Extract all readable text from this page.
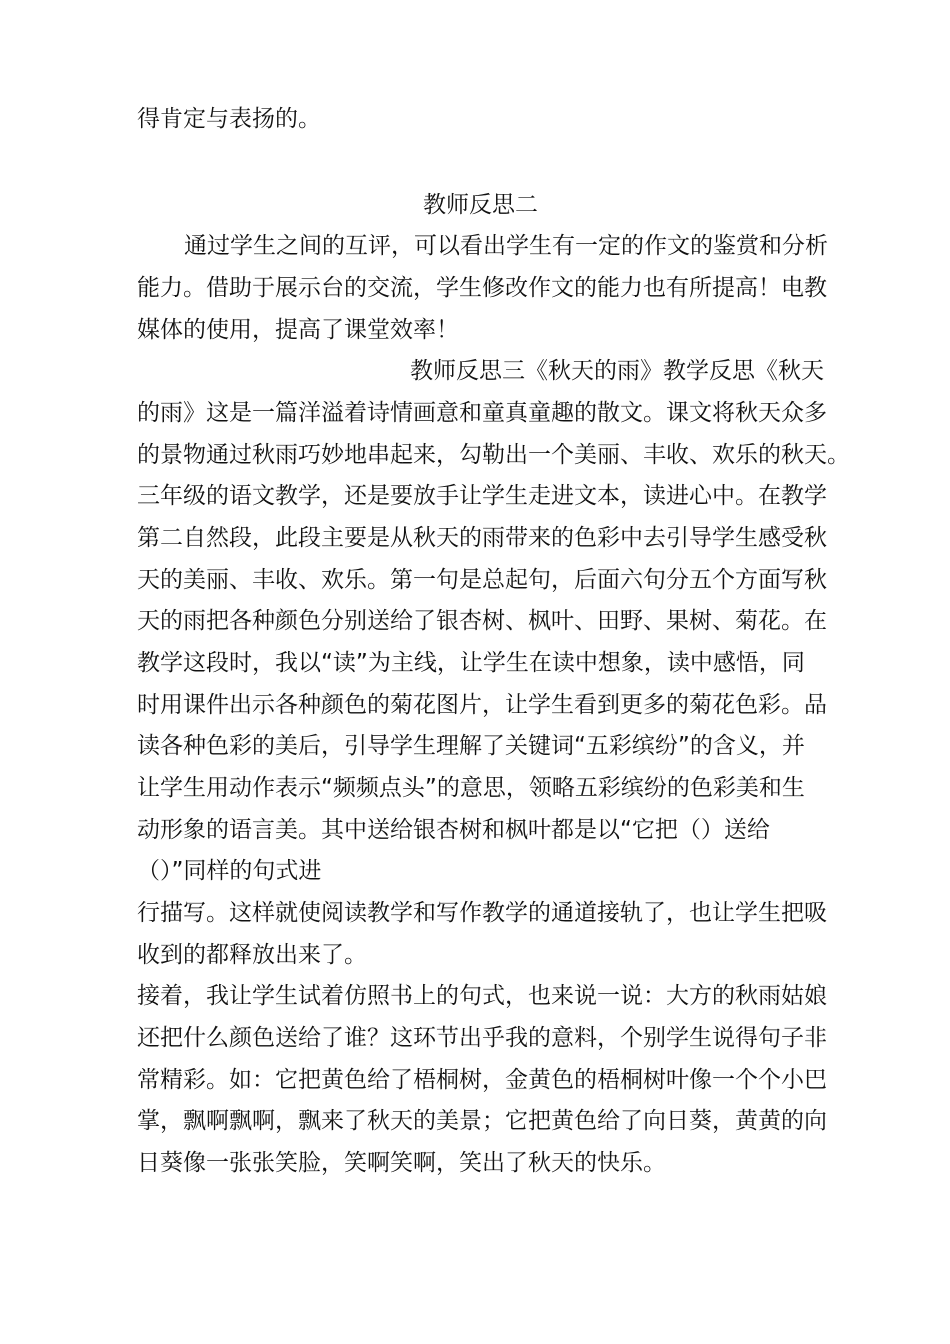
得肯定与表扬的。
教师反思二
通过学生之间的互评，可以看出学生有一定的作文的鉴赏和分析
能力。借助于展示台的交流，学生修改作文的能力也有所提高！电教
媒体的使用，提高了课堂效率！
教师反思三《秋天的雨》教学反思《秋天
的雨》这是一篇洋溢着诗情画意和童真童趣的散文。课文将秋天众多
的景物通过秋雨巧妙地串起来，勾勒出一个美丽、丰收、欢乐的秋天。
三年级的语文教学，还是要放手让学生走进文本，读进心中。在教学
第二自然段，此段主要是从秋天的雨带来的色彩中去引导学生感受秋
天的美丽、丰收、欢乐。第一句是总起句，后面六句分五个方面写秋
天的雨把各种颜色分别送给了银杏树、枫叶、田野、果树、菊花。在
教学这段时，我以“读”为主线，让学生在读中想象，读中感悟，同
时用课件出示各种颜色的菊花图片，让学生看到更多的菊花色彩。品
读各种色彩的美后，引导学生理解了关键词“五彩缤纷”的含义，并
让学生用动作表示“频频点头”的意思，领略五彩缤纷的色彩美和生
动形象的语言美。其中送给银杏树和枫叶都是以“它把（）送给
（）”同样的句式进
行描写。这样就使阅读教学和写作教学的通道接轨了，也让学生把吸
收到的都释放出来了。
接着，我让学生试着仿照书上的句式，也来说一说：大方的秋雨姑娘
还把什么颜色送给了谁？这环节出乎我的意料，个别学生说得句子非
常精彩。如：它把黄色给了梧桐树，金黄色的梧桐树叶像一个个小巴
掌，飘啊飘啊，飘来了秋天的美景；它把黄色给了向日葵，黄黄的向
日葵像一张张笑脸，笑啊笑啊，笑出了秋天的快乐。
